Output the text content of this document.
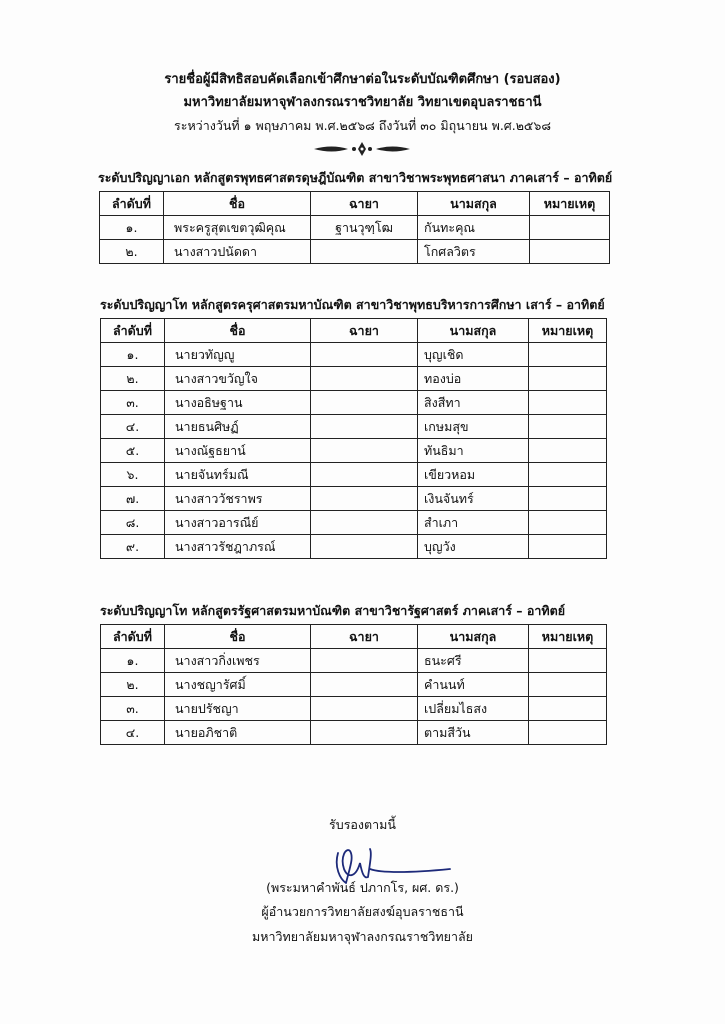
รายชื่อผู้มีสิทธิสอบคัดเลือกเข้าศึกษาต่อในระดับบัณฑิตศึกษา (รอบสอง)
มหาวิทยาลัยมหาจุฬาลงกรณราชวิทยาลัย วิทยาเขตอุบลราชธานี
ระหว่างวันที่ ๑ พฤษภาคม พ.ศ.๒๕๖๘ ถึงวันที่ ๓๐ มิถุนายน พ.ศ.๒๕๖๘
ระดับปริญญาเอก หลักสูตรพุทธศาสตรดุษฎีบัณฑิต สาขาวิชาพระพุทธศาสนา ภาคเสาร์ – อาทิตย์
ลำดับที่	ชื่อ	ฉายา	นามสกุล	หมายเหตุ
๑.	พระครูสุตเขตวุฒิคุณ	ฐานวุฑฺโฒ	กันทะคุณ	
๒.	นางสาวปนัดดา		โกศลวิตร	
ระดับปริญญาโท หลักสูตรครุศาสตรมหาบัณฑิต สาขาวิชาพุทธบริหารการศึกษา เสาร์ – อาทิตย์
ลำดับที่	ชื่อ	ฉายา	นามสกุล	หมายเหตุ
๑.	นายวทัญญู		บุญเชิด	
๒.	นางสาวขวัญใจ		ทองบ่อ	
๓.	นางอธิษฐาน		สิงสีทา	
๔.	นายธนศิษฏ์		เกษมสุข	
๕.	นางณัฐธยาน์		ทันธิมา	
๖.	นายจันทร์มณี		เขียวหอม	
๗.	นางสาววัชราพร		เงินจันทร์	
๘.	นางสาวอารณีย์		สำเภา	
๙.	นางสาวรัชฎาภรณ์		บุญวัง	
ระดับปริญญาโท หลักสูตรรัฐศาสตรมหาบัณฑิต สาขาวิชารัฐศาสตร์ ภาคเสาร์ – อาทิตย์
ลำดับที่	ชื่อ	ฉายา	นามสกุล	หมายเหตุ
๑.	นางสาวกิ่งเพชร		ธนะศรี	
๒.	นางชญารัศมิ์		คำนนท์	
๓.	นายปรัชญา		เปลี่ยมไธสง	
๔.	นายอภิชาติ		ตามสีวัน	
รับรองตามนี้
(พระมหาคำพันธ์ ปภากโร, ผศ. ดร.)
ผู้อำนวยการวิทยาลัยสงฆ์อุบลราชธานี
มหาวิทยาลัยมหาจุฬาลงกรณราชวิทยาลัย
